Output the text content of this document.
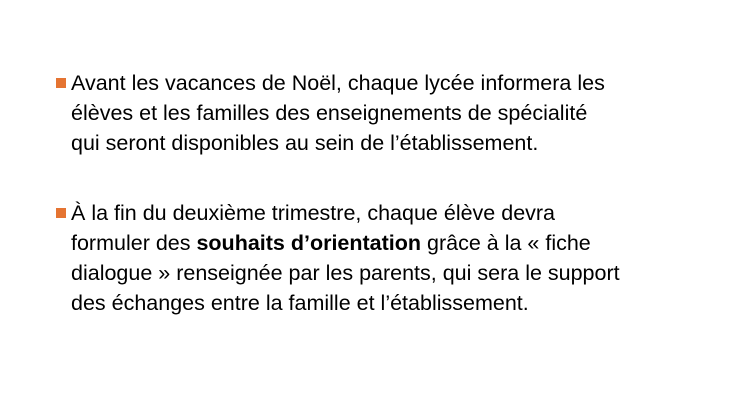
Avant les vacances de Noël, chaque lycée informera les
élèves et les familles des enseignements de spécialité
qui seront disponibles au sein de l’établissement.
À la fin du deuxième trimestre, chaque élève devra
formuler des souhaits d’orientation grâce à la « fiche
dialogue » renseignée par les parents, qui sera le support
des échanges entre la famille et l’établissement.
